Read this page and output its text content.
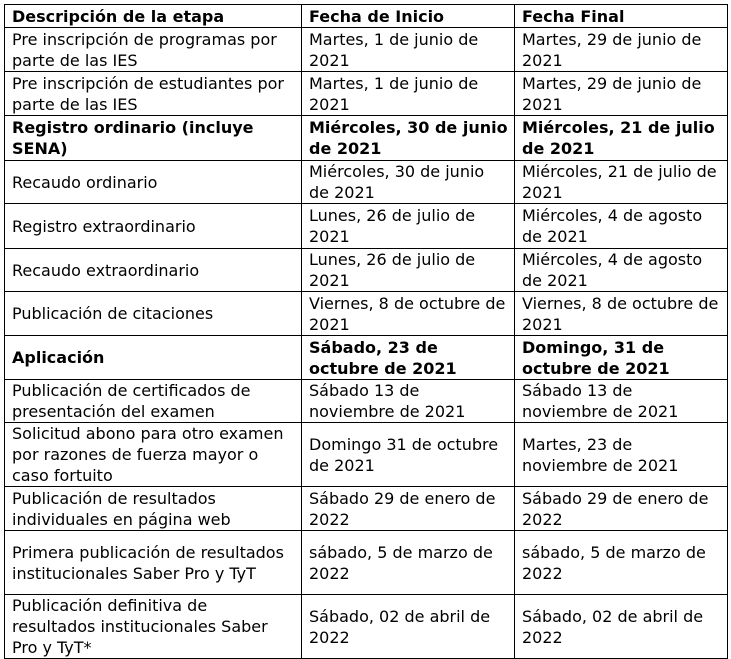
Descripción de la etapa	Fecha de Inicio	Fecha Final
Pre inscripción de programas por parte de las IES	Martes, 1 de junio de 2021	Martes, 29 de junio de 2021
Pre inscripción de estudiantes por parte de las IES	Martes, 1 de junio de 2021	Martes, 29 de junio de 2021
Registro ordinario (incluye SENA)	Miércoles, 30 de junio de 2021	Miércoles, 21 de julio de 2021
Recaudo ordinario	Miércoles, 30 de junio de 2021	Miércoles, 21 de julio de 2021
Registro extraordinario	Lunes, 26 de julio de 2021	Miércoles, 4 de agosto de 2021
Recaudo extraordinario	Lunes, 26 de julio de 2021	Miércoles, 4 de agosto de 2021
Publicación de citaciones	Viernes, 8 de octubre de 2021	Viernes, 8 de octubre de 2021
Aplicación	Sábado, 23 de octubre de 2021	Domingo, 31 de octubre de 2021
Publicación de certificados de presentación del examen	Sábado 13 de noviembre de 2021	Sábado 13 de noviembre de 2021
Solicitud abono para otro examen por razones de fuerza mayor o caso fortuito	Domingo 31 de octubre de 2021	Martes, 23 de noviembre de 2021
Publicación de resultados individuales en página web	Sábado 29 de enero de 2022	Sábado 29 de enero de 2022
Primera publicación de resultados institucionales Saber Pro y TyT	sábado, 5 de marzo de 2022	sábado, 5 de marzo de 2022
Publicación definitiva de resultados institucionales Saber Pro y TyT*	Sábado, 02 de abril de 2022	Sábado, 02 de abril de 2022
